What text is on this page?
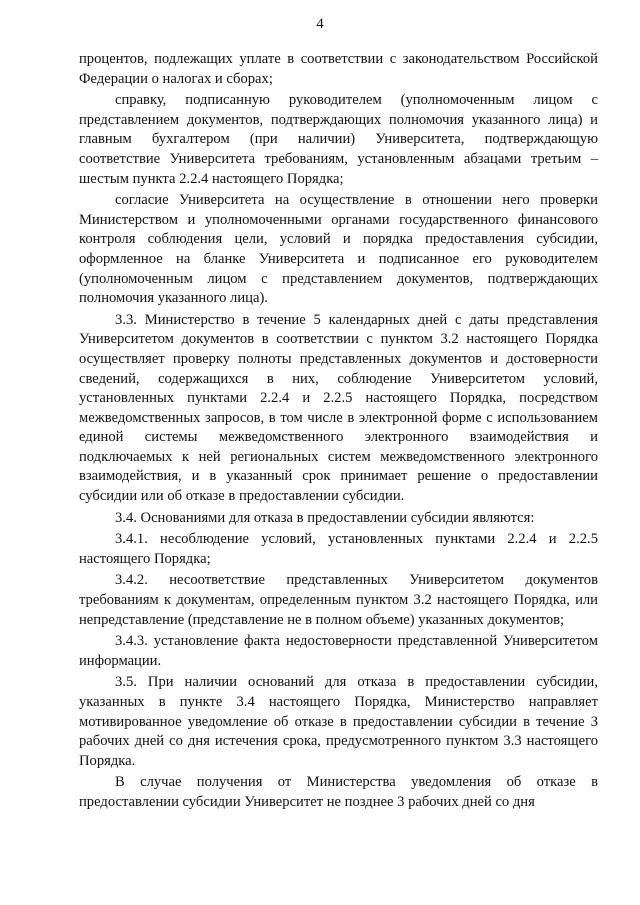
4

процентов, подлежащих уплате в соответствии с законодательством Российской Федерации о налогах и сборах;

справку, подписанную руководителем (уполномоченным лицом с представлением документов, подтверждающих полномочия указанного лица) и главным бухгалтером (при наличии) Университета, подтверждающую соответствие Университета требованиям, установленным абзацами третьим – шестым пункта 2.2.4 настоящего Порядка;

согласие Университета на осуществление в отношении него проверки Министерством и уполномоченными органами государственного финансового контроля соблюдения цели, условий и порядка предоставления субсидии, оформленное на бланке Университета и подписанное его руководителем (уполномоченным лицом с представлением документов, подтверждающих полномочия указанного лица).

3.3. Министерство в течение 5 календарных дней с даты представления Университетом документов в соответствии с пунктом 3.2 настоящего Порядка осуществляет проверку полноты представленных документов и достоверности сведений, содержащихся в них, соблюдение Университетом условий, установленных пунктами 2.2.4 и 2.2.5 настоящего Порядка, посредством межведомственных запросов, в том числе в электронной форме с использованием единой системы межведомственного электронного взаимодействия и подключаемых к ней региональных систем межведомственного электронного взаимодействия, и в указанный срок принимает решение о предоставлении субсидии или об отказе в предоставлении субсидии.

3.4. Основаниями для отказа в предоставлении субсидии являются:

3.4.1. несоблюдение условий, установленных пунктами 2.2.4 и 2.2.5 настоящего Порядка;

3.4.2. несоответствие представленных Университетом документов требованиям к документам, определенным пунктом 3.2 настоящего Порядка, или непредставление (представление не в полном объеме) указанных документов;

3.4.3. установление факта недостоверности представленной Университетом информации.

3.5. При наличии оснований для отказа в предоставлении субсидии, указанных в пункте 3.4 настоящего Порядка, Министерство направляет мотивированное уведомление об отказе в предоставлении субсидии в течение 3 рабочих дней со дня истечения срока, предусмотренного пунктом 3.3 настоящего Порядка.

В случае получения от Министерства уведомления об отказе в предоставлении субсидии Университет не позднее 3 рабочих дней со дня
